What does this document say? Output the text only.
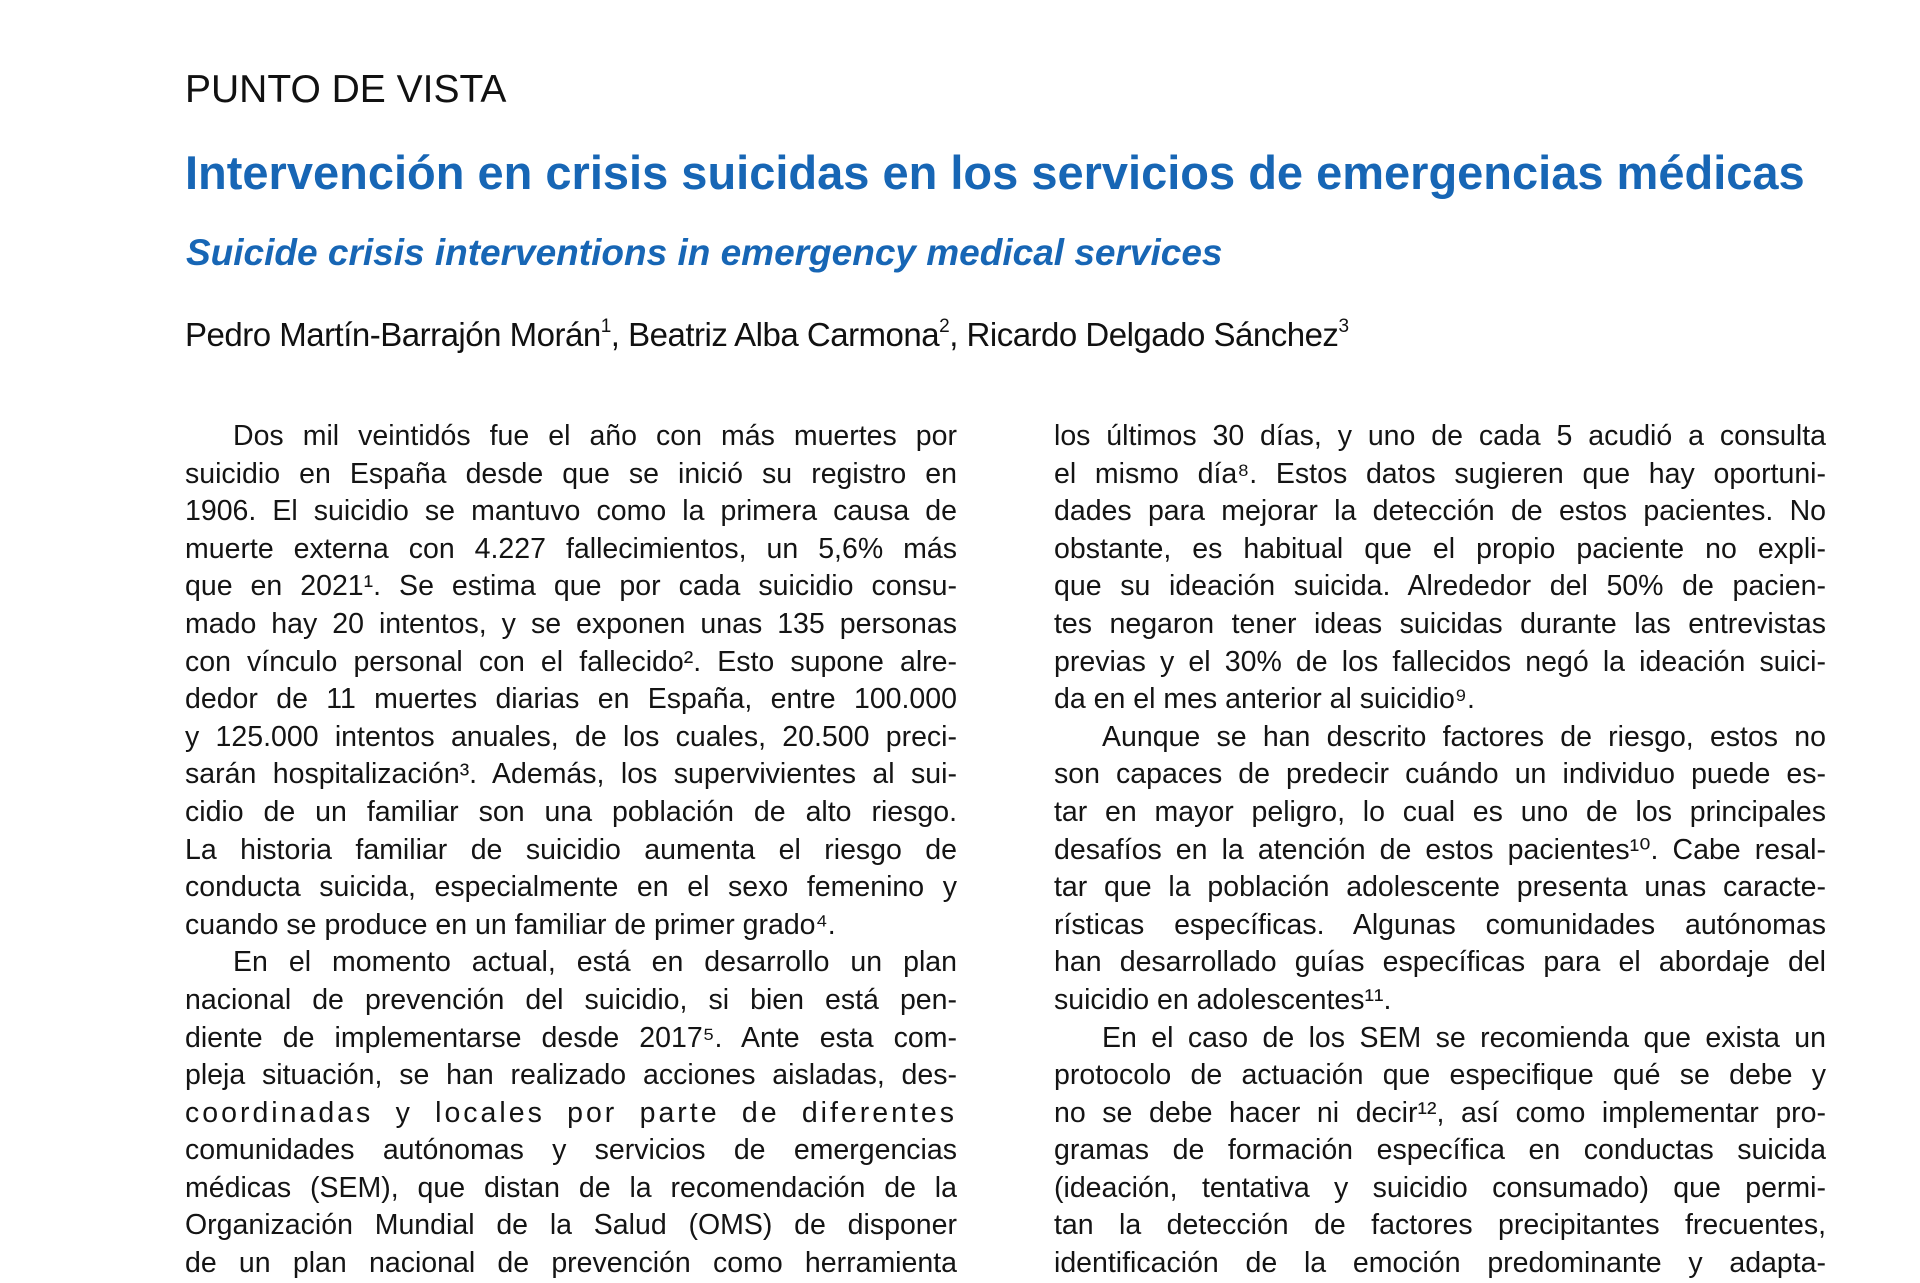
PUNTO DE VISTA
Intervención en crisis suicidas en los servicios de emergencias médicas
Suicide crisis interventions in emergency medical services
Pedro Martín-Barrajón Morán$^1$, Beatriz Alba Carmona$^2$, Ricardo Delgado Sánchez$^3$
Dos mil veintidós fue el año con más muertes por
suicidio en España desde que se inició su registro en
1906. El suicidio se mantuvo como la primera causa de
muerte externa con 4.227 fallecimientos, un 5,6% más
que en 2021¹. Se estima que por cada suicidio consu-
mado hay 20 intentos, y se exponen unas 135 personas
con vínculo personal con el fallecido². Esto supone alre-
dedor de 11 muertes diarias en España, entre 100.000
y 125.000 intentos anuales, de los cuales, 20.500 preci-
sarán hospitalización³. Además, los supervivientes al sui-
cidio de un familiar son una población de alto riesgo.
La historia familiar de suicidio aumenta el riesgo de
conducta suicida, especialmente en el sexo femenino y
cuando se produce en un familiar de primer grado⁴.
En el momento actual, está en desarrollo un plan
nacional de prevención del suicidio, si bien está pen-
diente de implementarse desde 2017⁵. Ante esta com-
pleja situación, se han realizado acciones aisladas, des-
coordinadas y locales por parte de diferentes
comunidades autónomas y servicios de emergencias
médicas (SEM), que distan de la recomendación de la
Organización Mundial de la Salud (OMS) de disponer
de un plan nacional de prevención como herramienta
los últimos 30 días, y uno de cada 5 acudió a consulta
el mismo día⁸. Estos datos sugieren que hay oportuni-
dades para mejorar la detección de estos pacientes. No
obstante, es habitual que el propio paciente no expli-
que su ideación suicida. Alrededor del 50% de pacien-
tes negaron tener ideas suicidas durante las entrevistas
previas y el 30% de los fallecidos negó la ideación suici-
da en el mes anterior al suicidio⁹.
Aunque se han descrito factores de riesgo, estos no
son capaces de predecir cuándo un individuo puede es-
tar en mayor peligro, lo cual es uno de los principales
desafíos en la atención de estos pacientes¹⁰. Cabe resal-
tar que la población adolescente presenta unas caracte-
rísticas específicas. Algunas comunidades autónomas
han desarrollado guías específicas para el abordaje del
suicidio en adolescentes¹¹.
En el caso de los SEM se recomienda que exista un
protocolo de actuación que especifique qué se debe y
no se debe hacer ni decir¹², así como implementar pro-
gramas de formación específica en conductas suicida
(ideación, tentativa y suicidio consumado) que permi-
tan la detección de factores precipitantes frecuentes,
identificación de la emoción predominante y adapta-
